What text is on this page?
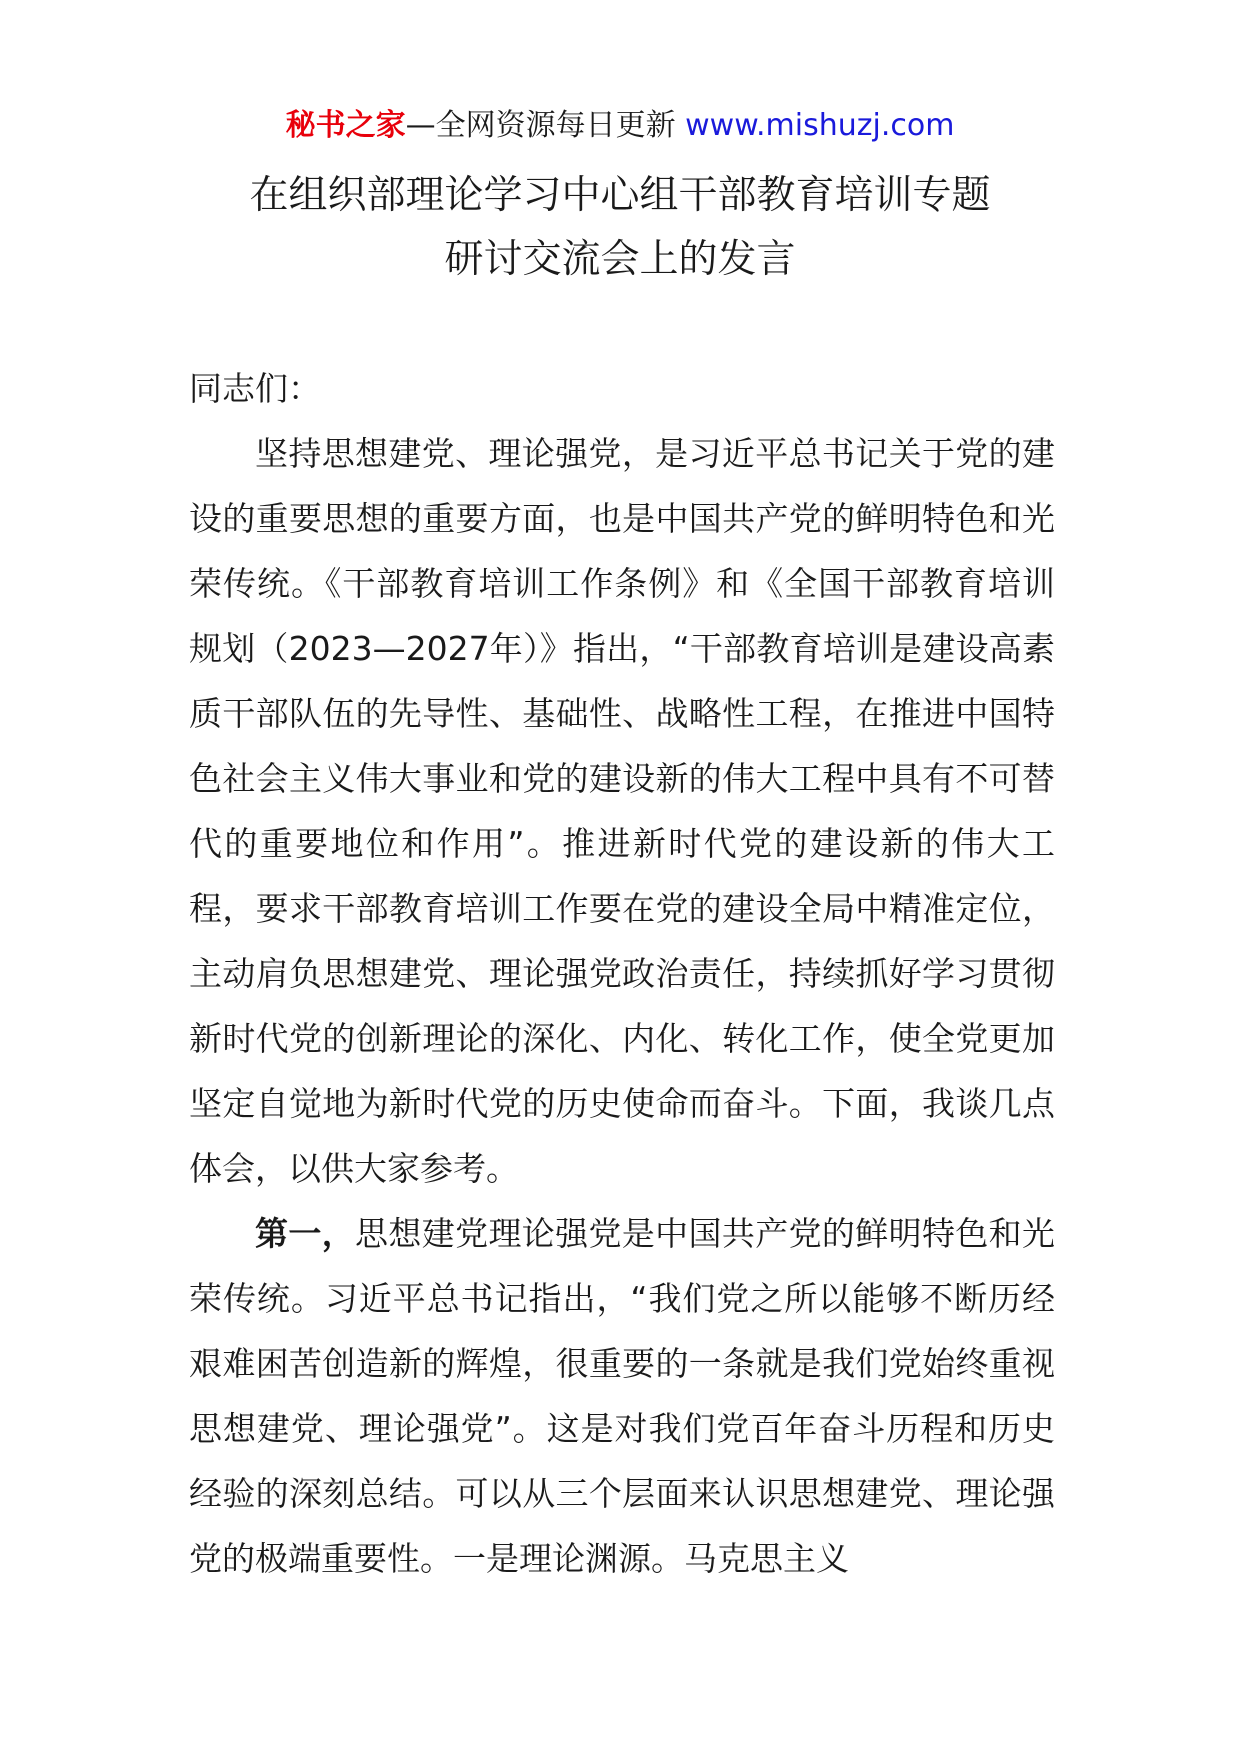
秘书之家—全网资源每日更新 www.mishuzj.com
在组织部理论学习中心组干部教育培训专题
研讨交流会上的发言

同志们：

坚持思想建党、理论强党，是习近平总书记关于党的建设的重要思想的重要方面，也是中国共产党的鲜明特色和光荣传统。《干部教育培训工作条例》和《全国干部教育培训规划（2023—2027年）》指出，“干部教育培训是建设高素质干部队伍的先导性、基础性、战略性工程，在推进中国特色社会主义伟大事业和党的建设新的伟大工程中具有不可替代的重要地位和作用”。推进新时代党的建设新的伟大工程，要求干部教育培训工作要在党的建设全局中精准定位，主动肩负思想建党、理论强党政治责任，持续抓好学习贯彻新时代党的创新理论的深化、内化、转化工作，使全党更加坚定自觉地为新时代党的历史使命而奋斗。下面，我谈几点体会，以供大家参考。

第一，思想建党理论强党是中国共产党的鲜明特色和光荣传统。习近平总书记指出，“我们党之所以能够不断历经艰难困苦创造新的辉煌，很重要的一条就是我们党始终重视思想建党、理论强党”。这是对我们党百年奋斗历程和历史经验的深刻总结。可以从三个层面来认识思想建党、理论强党的极端重要性。一是理论渊源。马克思主义
